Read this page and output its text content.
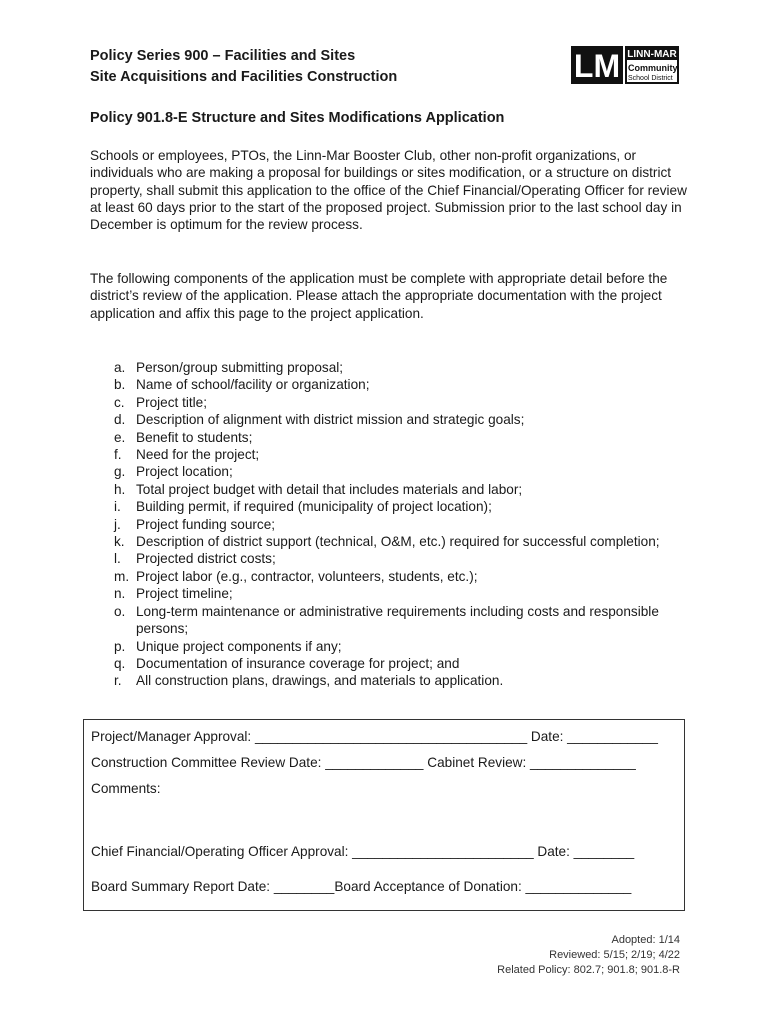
Policy Series 900 – Facilities and Sites
Site Acquisitions and Facilities Construction	LM LINN-MAR
Community
School District
Policy 901.8-E Structure and Sites Modifications Application
Schools or employees, PTOs, the Linn-Mar Booster Club, other non-profit organizations, or individuals who are making a proposal for buildings or sites modification, or a structure on district property, shall submit this application to the office of the Chief Financial/Operating Officer for review at least 60 days prior to the start of the proposed project. Submission prior to the last school day in December is optimum for the review process.
The following components of the application must be complete with appropriate detail before the district’s review of the application. Please attach the appropriate documentation with the project application and affix this page to the project application.
a. Person/group submitting proposal;
b. Name of school/facility or organization;
c. Project title;
d. Description of alignment with district mission and strategic goals;
e. Benefit to students;
f.	Need for the project;
g. Project location;
h. Total project budget with detail that includes materials and labor;
i.	Building permit, if required (municipality of project location);
j.	Project funding source;
k. Description of district support (technical, O&M, etc.) required for successful completion;
l.	Projected district costs;
m. Project labor (e.g., contractor, volunteers, students, etc.);
n. Project timeline;
o. Long-term maintenance or administrative requirements including costs and responsible persons;
p. Unique project components if any;
q. Documentation of insurance coverage for project; and
r.	All construction plans, drawings, and materials to application.
Project/Manager Approval: ____________________________________ Date: ____________
Construction Committee Review Date: _____________ Cabinet Review: ______________
Comments:
Chief Financial/Operating Officer Approval: ________________________ Date: ________
Board Summary Report Date: ________Board Acceptance of Donation: ______________
Adopted: 1/14
Reviewed: 5/15; 2/19; 4/22
Related Policy: 802.7; 901.8; 901.8-R
